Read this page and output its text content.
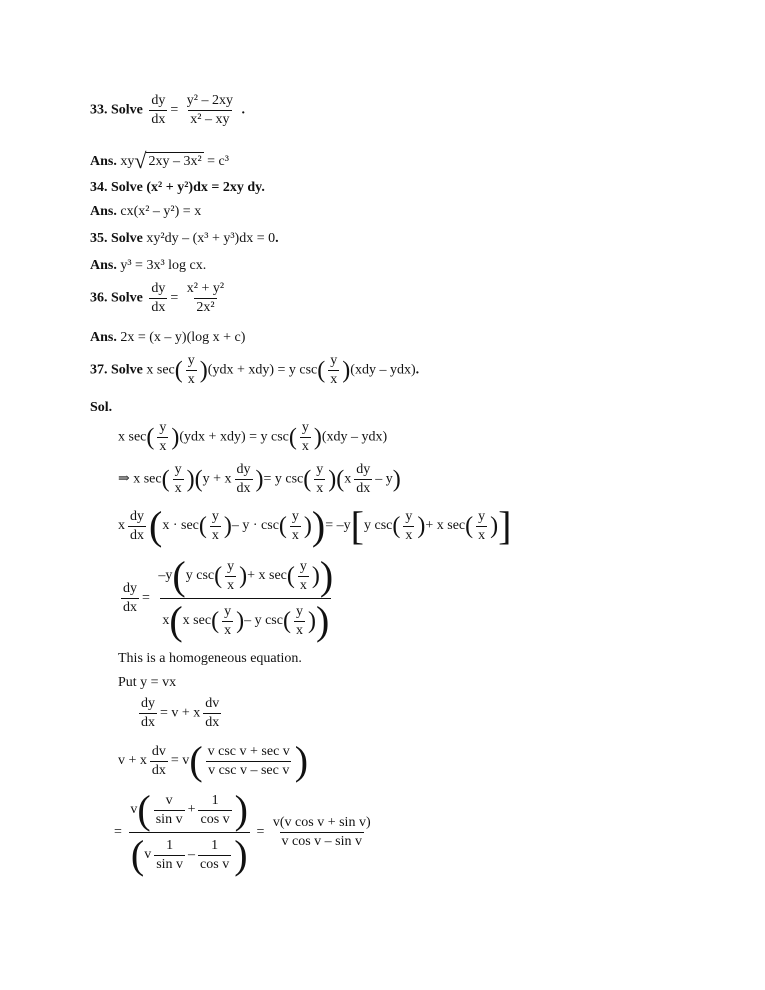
33. Solve $\frac{dy}{dx} = \frac{\text{y² – 2xy}}{\text{x² – xy}}$ .
Ans. xy√ 2xy – 3x² = c³
34. Solve (x² + y²)dx = 2xy dy.
Ans. cx(x² – y²) = x
35. Solve xy²dy – (x³ + y³)dx = 0.
Ans. y³ = 3x³ log cx.
36. Solve $\frac{dy}{dx} = \frac{\text{x² + y²}}{\text{2x²}}$
Ans. 2x = (x – y)(log x + c)
37. Solve x $\sec( \frac{y}{x} )(ydx + xdy) = y$ $\csc( \frac{y}{x} )(xdy - ydx)$.
Sol.
x $\sec( \frac{y}{x} )(ydx + xdy) = y$ $\csc( \frac{y}{x} )(xdy - ydx)$
⇒ x $\sec( \frac{y}{x} )(y + x \frac{dy}{dx}$ )= y $\csc( \frac{y}{x} )(x \frac{dy}{dx} - y)$
x $\frac{dy}{dx} (x \cdot \sec( \frac{y}{x}$ )– $y \cdot \csc( \frac{y}{x}$ ))= –y[y $\csc( \frac{y}{x}$ )+ x $\sec( \frac{y}{x}$ )]
$\frac{dy}{dx} = \frac{-y(y \csc( \frac{y}{x} )+ x \sec( \frac{y}{x} ))}{x(x \sec( \frac{y}{x} )- y \csc( \frac{y}{x} ))}$
This is a homogeneous equation.
Put y = vx
$\frac{dy}{dx} = v + x \frac{dv}{dx}$
v + x $\frac{dv}{dx} = v( \frac{\text{v csc v + sec v}}{\text{v csc v – sec v}}$ )
= $\frac{v( \frac{v}{\text{sin v}} + \frac{1}{\text{cos v}} )}{(v \frac{1}{\text{sin v}} - \frac{1}{\text{cos v}} )} = \frac{\text{v(v cos v + sin v)}}{\text{v cos v – sin v}}$
